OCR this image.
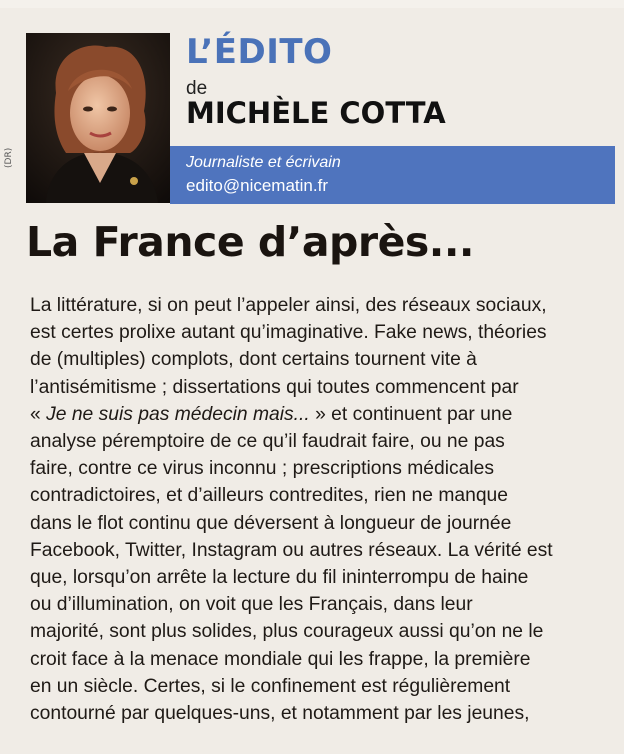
(DR)
L’ÉDITO
de
MICHÈLE COTTA
Journaliste et écrivain
edito@nicematin.fr
La France d’après...
La littérature, si on peut l’appeler ainsi, des réseaux sociaux,
est certes prolixe autant qu’imaginative. Fake news, théories
de (multiples) complots, dont certains tournent vite à
l’antisémitisme ; dissertations qui toutes commencent par
« Je ne suis pas médecin mais... » et continuent par une
analyse péremptoire de ce qu’il faudrait faire, ou ne pas
faire, contre ce virus inconnu ; prescriptions médicales
contradictoires, et d’ailleurs contredites, rien ne manque
dans le flot continu que déversent à longueur de journée
Facebook, Twitter, Instagram ou autres réseaux. La vérité est
que, lorsqu’on arrête la lecture du fil ininterrompu de haine
ou d’illumination, on voit que les Français, dans leur
majorité, sont plus solides, plus courageux aussi qu’on ne le
croit face à la menace mondiale qui les frappe, la première
en un siècle. Certes, si le confinement est régulièrement
contourné par quelques-uns, et notamment par les jeunes,
